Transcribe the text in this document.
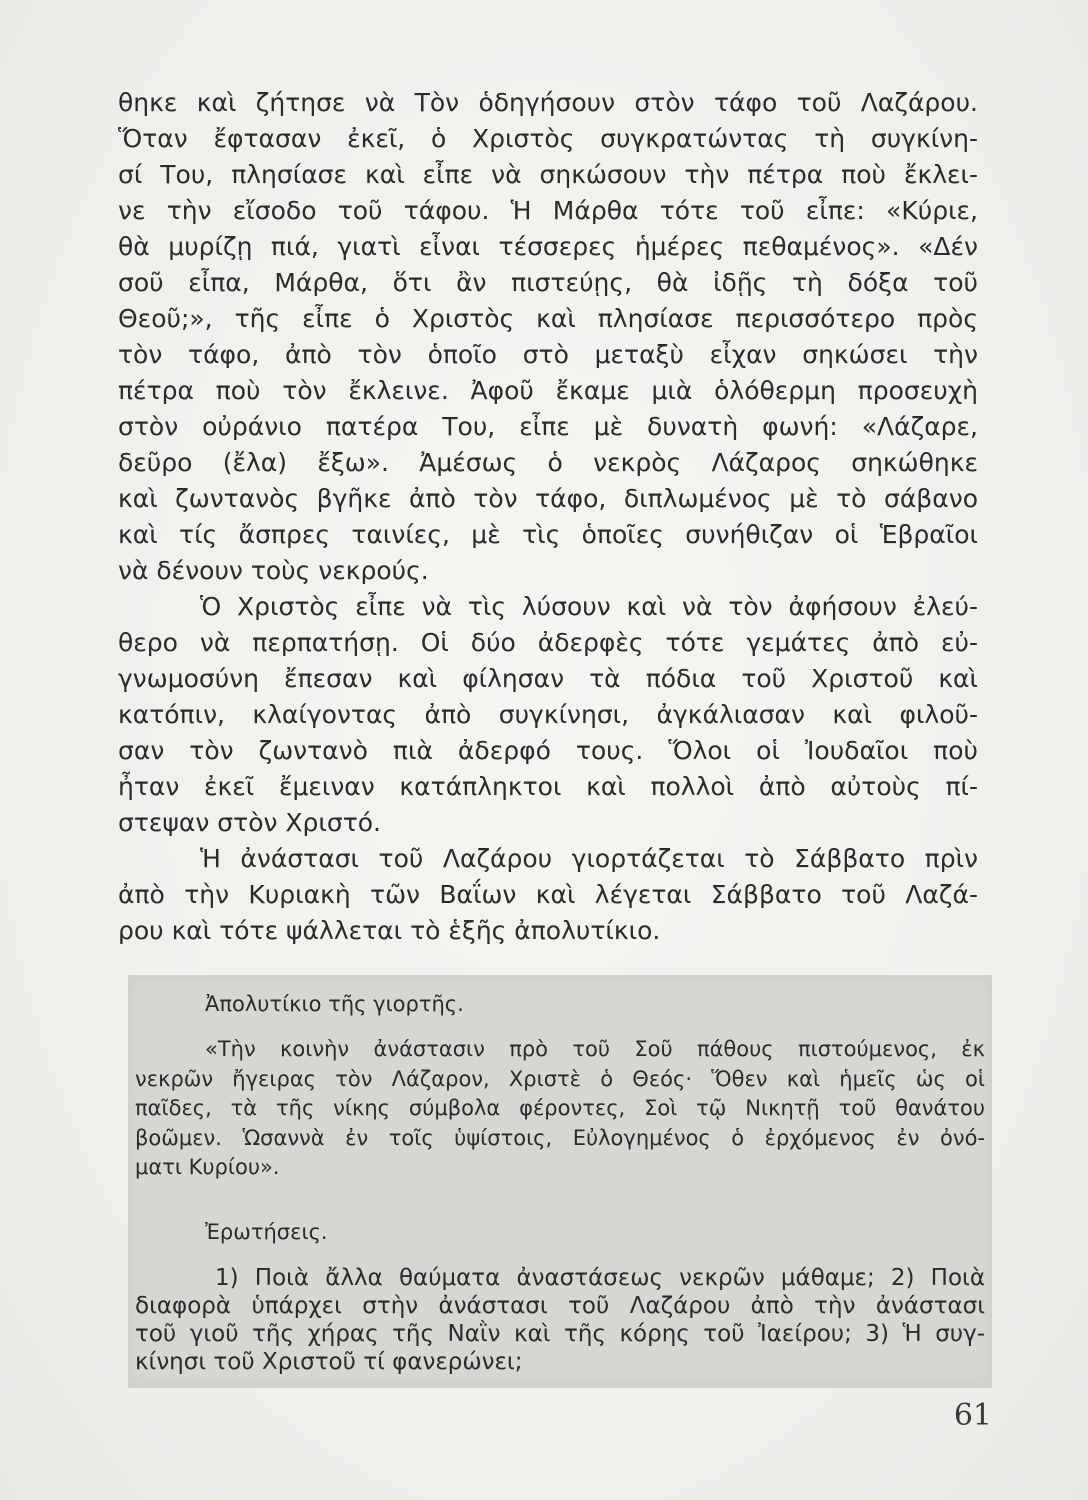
θηκε καὶ ζήτησε νὰ Τὸν ὁδηγήσουν στὸν τάφο τοῦ Λαζάρου.
Ὅταν ἔφτασαν ἐκεῖ, ὁ Χριστὸς συγκρατώντας τὴ συγκίνη-
σί Του, πλησίασε καὶ εἶπε νὰ σηκώσουν τὴν πέτρα ποὺ ἔκλει-
νε τὴν εἴσοδο τοῦ τάφου. Ἡ Μάρθα τότε τοῦ εἶπε: «Κύριε,
θὰ μυρίζῃ πιά, γιατὶ εἶναι τέσσερες ἡμέρες πεθαμένος». «Δέν
σοῦ εἶπα, Μάρθα, ὅτι ἂν πιστεύῃς, θὰ ἰδῇς τὴ δόξα τοῦ
Θεοῦ;», τῆς εἶπε ὁ Χριστὸς καὶ πλησίασε περισσότερο πρὸς
τὸν τάφο, ἀπὸ τὸν ὁποῖο στὸ μεταξὺ εἶχαν σηκώσει τὴν
πέτρα ποὺ τὸν ἔκλεινε. Ἀφοῦ ἔκαμε μιὰ ὁλόθερμη προσευχὴ
στὸν οὐράνιο πατέρα Του, εἶπε μὲ δυνατὴ φωνή: «Λάζαρε,
δεῦρο (ἔλα) ἔξω». Ἀμέσως ὁ νεκρὸς Λάζαρος σηκώθηκε
καὶ ζωντανὸς βγῆκε ἀπὸ τὸν τάφο, διπλωμένος μὲ τὸ σάβανο
καὶ τίς ἄσπρες ταινίες, μὲ τὶς ὁποῖες συνήθιζαν οἱ Ἑβραῖοι
νὰ δένουν τοὺς νεκρούς.
Ὁ Χριστὸς εἶπε νὰ τὶς λύσουν καὶ νὰ τὸν ἀφήσουν ἐλεύ-
θερο νὰ περπατήσῃ. Οἱ δύο ἀδερφὲς τότε γεμάτες ἀπὸ εὐ-
γνωμοσύνη ἔπεσαν καὶ φίλησαν τὰ πόδια τοῦ Χριστοῦ καὶ
κατόπιν, κλαίγοντας ἀπὸ συγκίνησι, ἀγκάλιασαν καὶ φιλοῦ-
σαν τὸν ζωντανὸ πιὰ ἀδερφό τους. Ὅλοι οἱ Ἰουδαῖοι ποὺ
ἦταν ἐκεῖ ἔμειναν κατάπληκτοι καὶ πολλοὶ ἀπὸ αὐτοὺς πί-
στεψαν στὸν Χριστό.
Ἡ ἀνάστασι τοῦ Λαζάρου γιορτάζεται τὸ Σάββατο πρὶν
ἀπὸ τὴν Κυριακὴ τῶν Βαΐων καὶ λέγεται Σάββατο τοῦ Λαζά-
ρου καὶ τότε ψάλλεται τὸ ἑξῆς ἀπολυτίκιο.
Ἀπολυτίκιο τῆς γιορτῆς.
«Τὴν κοινὴν ἀνάστασιν πρὸ τοῦ Σοῦ πάθους πιστούμενος, ἐκ
νεκρῶν ἤγειρας τὸν Λάζαρον, Χριστὲ ὁ Θεός· Ὅθεν καὶ ἡμεῖς ὡς οἱ
παῖδες, τὰ τῆς νίκης σύμβολα φέροντες, Σοὶ τῷ Νικητῇ τοῦ θανάτου
βοῶμεν. Ὡσαννὰ ἐν τοῖς ὑψίστοις, Εὐλογημένος ὁ ἐρχόμενος ἐν ὀνό-
ματι Κυρίου».
Ἐρωτήσεις.
1) Ποιὰ ἄλλα θαύματα ἀναστάσεως νεκρῶν μάθαμε; 2) Ποιὰ
διαφορὰ ὑπάρχει στὴν ἀνάστασι τοῦ Λαζάρου ἀπὸ τὴν ἀνάστασι
τοῦ γιοῦ τῆς χήρας τῆς Ναῒν καὶ τῆς κόρης τοῦ Ἰαείρου; 3) Ἡ συγ-
κίνησι τοῦ Χριστοῦ τί φανερώνει;
61
